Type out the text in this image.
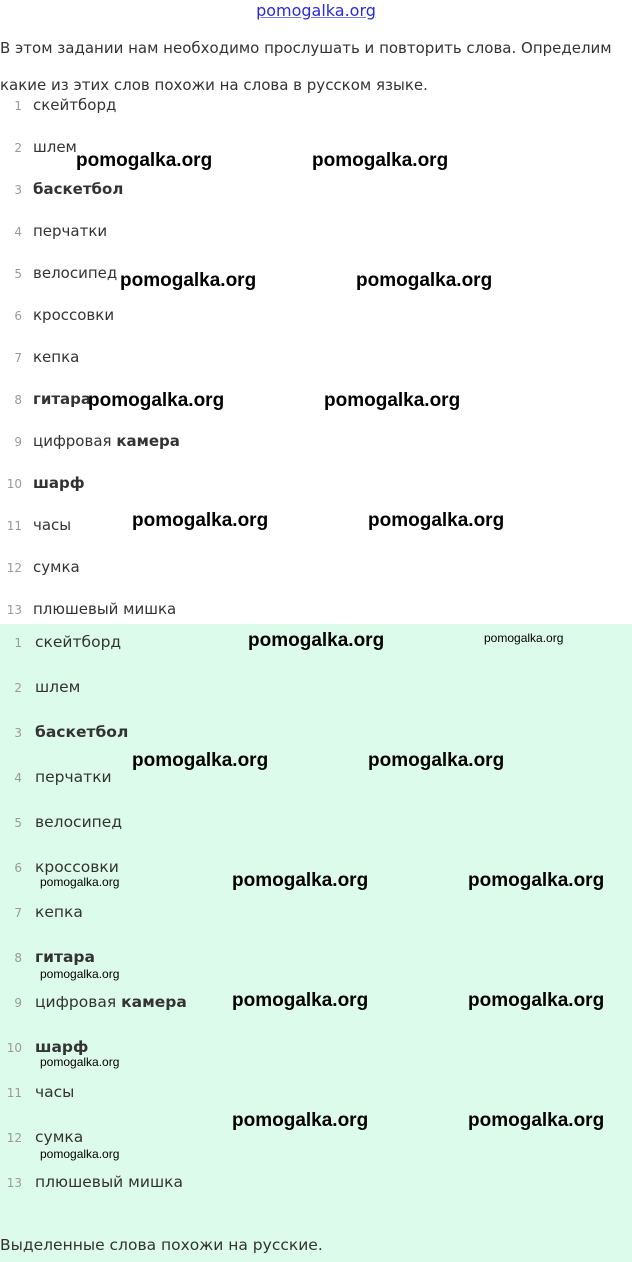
pomogalka.org
В этом задании нам необходимо прослушать и повторить слова. Определим какие из этих слов похожи на слова в русском языке.
1 скейтборд
2 шлем
3 баскетбол
4 перчатки
5 велосипед
6 кроссовки
7 кепка
8 гитара
9 цифровая камера
10 шарф
11 часы
12 сумка
13 плюшевый мишка
1 скейтборд
2 шлем
3 баскетбол
4 перчатки
5 велосипед
6 кроссовки
7 кепка
8 гитара
9 цифровая камера
10 шарф
11 часы
12 сумка
13 плюшевый мишка
Выделенные слова похожи на русские.
pomogalka.org	pomogalka.org
pomogalka.org	pomogalka.org
pomogalka.org	pomogalka.org
pomogalka.org	pomogalka.org
pomogalka.org	pomogalka.org
pomogalka.org	pomogalka.org
pomogalka.org	pomogalka.org	pomogalka.org
pomogalka.org
pomogalka.org	pomogalka.org
pomogalka.org
pomogalka.org	pomogalka.org
pomogalka.org
